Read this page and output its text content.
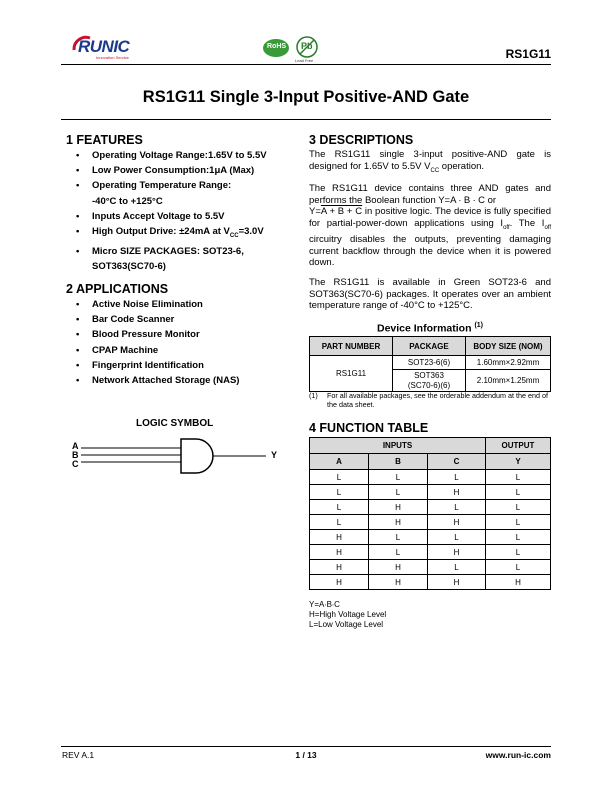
RUNIC
Innovation Service
RoHS Pb
Lead Free	RS1G11
RS1G11 Single 3-Input Positive-AND Gate
1 FEATURES
• Operating Voltage Range:1.65V to 5.5V
• Low Power Consumption:1μA (Max)
• Operating Temperature Range:
-40°C to +125°C
• Inputs Accept Voltage to 5.5V
• High Output Drive: ±24mA at $V_{CC}=3.0V$
• Micro SIZE PACKAGES: SOT23-6,
SOT363(SC70-6)
2 APPLICATIONS
• Active Noise Elimination
• Bar Code Scanner
• Blood Pressure Monitor
• CPAP Machine
• Fingerprint Identification
• Network Attached Storage (NAS)
LOGIC SYMBOL
A
B
C
Y
3 DESCRIPTIONS
The RS1G11 single 3-input positive-AND gate is designed for 1.65V to 5.5V $V_{CC}$ operation.
The RS1G11 device contains three AND gates and performs the Boolean function Y=A ∙ B ∙ C or
Y=A + B + C in positive logic. The device is fully specified for partial-power-down applications using $I_{off}$. The $I_{off}$ circuitry disables the outputs, preventing damaging current backflow through the device when it is powered down.
The RS1G11 is available in Green SOT23-6 and SOT363(SC70-6) packages. It operates over an ambient temperature range of -40°C to +125°C.
Device Information $^{(1)}$
PART NUMBER	PACKAGE	BODY SIZE (NOM)
RS1G11	SOT23-6(6)	1.60mm×2.92mm
	SOT363
(SC70-6)(6)	2.10mm×1.25mm
(1)	For all available packages, see the orderable addendum at the end of the data sheet.
4 FUNCTION TABLE
INPUTS			OUTPUT
A	B	C	Y
L	L	L	L
L	L	H	L
L	H	L	L
L	H	H	L
H	L	L	L
H	L	H	L
H	H	L	L
H	H	H	H
Y=A∙B∙C
H=High Voltage Level
L=Low Voltage Level
REV A.1	1 / 13	www.run-ic.com
